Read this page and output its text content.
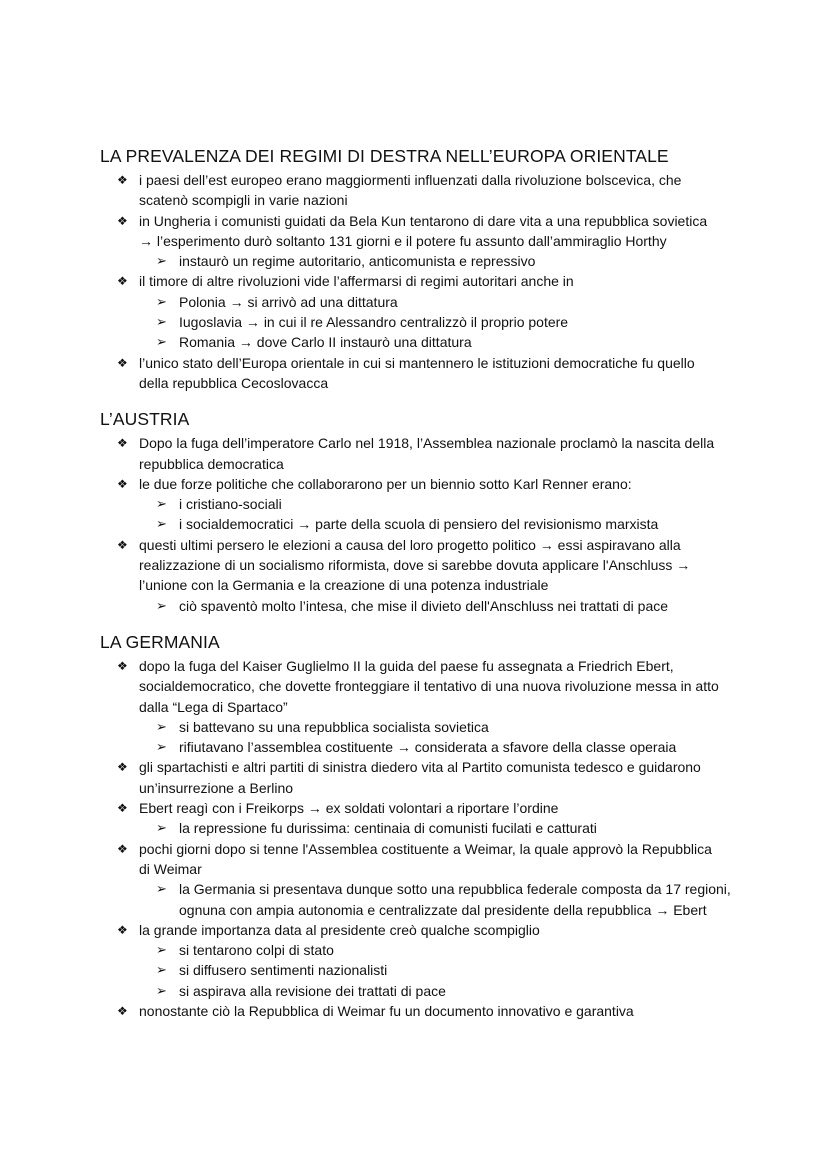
LA PREVALENZA DEI REGIMI DI DESTRA NELL’EUROPA ORIENTALE
❖ i paesi dell’est europeo erano maggiormenti influenzati dalla rivoluzione bolscevica, che scatenò scompigli in varie nazioni
❖ in Ungheria i comunisti guidati da Bela Kun tentarono di dare vita a una repubblica sovietica → l’esperimento durò soltanto 131 giorni e il potere fu assunto dall’ammiraglio Horthy
➢ instaurò un regime autoritario, anticomunista e repressivo
❖ il timore di altre rivoluzioni vide l’affermarsi di regimi autoritari anche in
➢ Polonia → si arrivò ad una dittatura
➢ Iugoslavia → in cui il re Alessandro centralizzò il proprio potere
➢ Romania → dove Carlo II instaurò una dittatura
❖ l’unico stato dell’Europa orientale in cui si mantennero le istituzioni democratiche fu quello della repubblica Cecoslovacca
L’AUSTRIA
❖ Dopo la fuga dell’imperatore Carlo nel 1918, l’Assemblea nazionale proclamò la nascita della repubblica democratica
❖ le due forze politiche che collaborarono per un biennio sotto Karl Renner erano:
➢ i cristiano-sociali
➢ i socialdemocratici → parte della scuola di pensiero del revisionismo marxista
❖ questi ultimi persero le elezioni a causa del loro progetto politico → essi aspiravano alla realizzazione di un socialismo riformista, dove si sarebbe dovuta applicare l'Anschluss → l’unione con la Germania e la creazione di una potenza industriale
➢ ciò spaventò molto l’intesa, che mise il divieto dell'Anschluss nei trattati di pace
LA GERMANIA
❖ dopo la fuga del Kaiser Guglielmo II la guida del paese fu assegnata a Friedrich Ebert, socialdemocratico, che dovette fronteggiare il tentativo di una nuova rivoluzione messa in atto dalla “Lega di Spartaco”
➢ si battevano su una repubblica socialista sovietica
➢ rifiutavano l’assemblea costituente → considerata a sfavore della classe operaia
❖ gli spartachisti e altri partiti di sinistra diedero vita al Partito comunista tedesco e guidarono un’insurrezione a Berlino
❖ Ebert reagì con i Freikorps → ex soldati volontari a riportare l’ordine
➢ la repressione fu durissima: centinaia di comunisti fucilati e catturati
❖ pochi giorni dopo si tenne l'Assemblea costituente a Weimar, la quale approvò la Repubblica di Weimar
➢ la Germania si presentava dunque sotto una repubblica federale composta da 17 regioni, ognuna con ampia autonomia e centralizzate dal presidente della repubblica → Ebert
❖ la grande importanza data al presidente creò qualche scompiglio
➢ si tentarono colpi di stato
➢ si diffusero sentimenti nazionalisti
➢ si aspirava alla revisione dei trattati di pace
❖ nonostante ciò la Repubblica di Weimar fu un documento innovativo e garantiva
